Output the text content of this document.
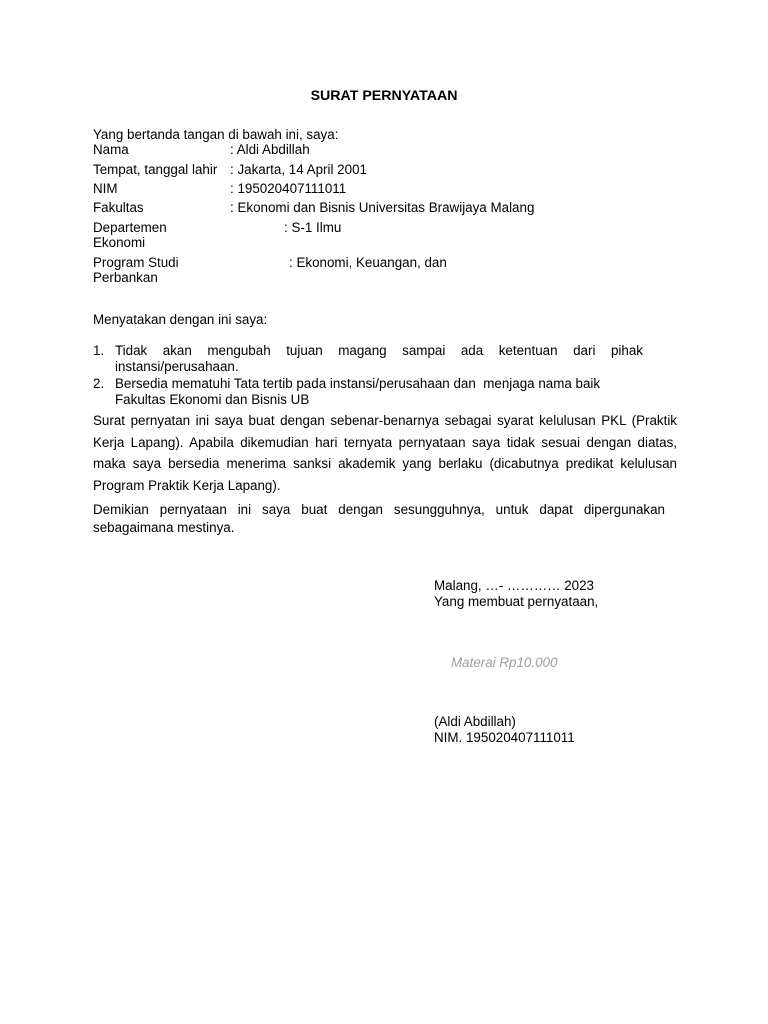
SURAT PERNYATAAN
Yang bertanda tangan di bawah ini, saya:
Nama	: Aldi Abdillah
Tempat, tanggal lahir : Jakarta, 14 April 2001
NIM	: 195020407111011
Fakultas	: Ekonomi dan Bisnis Universitas Brawijaya Malang
Departemen	: S-1 Ilmu
Ekonomi
Program Studi	: Ekonomi, Keuangan, dan
Perbankan
Menyatakan dengan ini saya:
1. Tidak  akan  mengubah  tujuan  magang  sampai  ada  ketentuan  dari  pihak
instansi/perusahaan.
2. Bersedia mematuhi Tata tertib pada instansi/perusahaan dan  menjaga nama baik
Fakultas Ekonomi dan Bisnis UB
Surat pernyatan ini saya buat dengan sebenar-benarnya sebagai syarat kelulusan PKL (Praktik Kerja Lapang). Apabila dikemudian hari ternyata pernyataan saya tidak sesuai dengan diatas, maka saya bersedia menerima sanksi akademik yang berlaku (dicabutnya predikat kelulusan Program Praktik Kerja Lapang).
Demikian pernyataan ini saya buat dengan sesungguhnya, untuk dapat dipergunakan sebagaimana mestinya.
Malang, …- ………… 2023
Yang membuat pernyataan,
Materai Rp10.000
(Aldi Abdillah)
NIM. 195020407111011
